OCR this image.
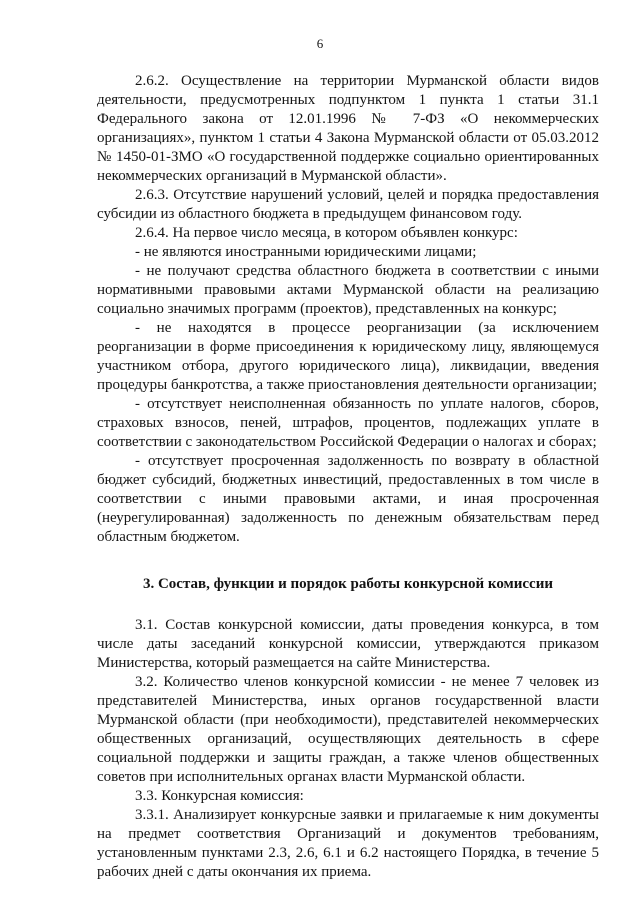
6

2.6.2. Осуществление на территории Мурманской области видов деятельности, предусмотренных подпунктом 1 пункта 1 статьи 31.1 Федерального закона от 12.01.1996 № 7-ФЗ «О некоммерческих организациях», пунктом 1 статьи 4 Закона Мурманской области от 05.03.2012 № 1450-01-ЗМО «О государственной поддержке социально ориентированных некоммерческих организаций в Мурманской области».

2.6.3. Отсутствие нарушений условий, целей и порядка предоставления субсидии из областного бюджета в предыдущем финансовом году.

2.6.4. На первое число месяца, в котором объявлен конкурс:

- не являются иностранными юридическими лицами;

- не получают средства областного бюджета в соответствии с иными нормативными правовыми актами Мурманской области на реализацию социально значимых программ (проектов), представленных на конкурс;

- не находятся в процессе реорганизации (за исключением реорганизации в форме присоединения к юридическому лицу, являющемуся участником отбора, другого юридического лица), ликвидации, введения процедуры банкротства, а также приостановления деятельности организации;

- отсутствует неисполненная обязанность по уплате налогов, сборов, страховых взносов, пеней, штрафов, процентов, подлежащих уплате в соответствии с законодательством Российской Федерации о налогах и сборах;

- отсутствует просроченная задолженность по возврату в областной бюджет субсидий, бюджетных инвестиций, предоставленных в том числе в соответствии с иными правовыми актами, и иная просроченная (неурегулированная) задолженность по денежным обязательствам перед областным бюджетом.

3. Состав, функции и порядок работы конкурсной комиссии

3.1. Состав конкурсной комиссии, даты проведения конкурса, в том числе даты заседаний конкурсной комиссии, утверждаются приказом Министерства, который размещается на сайте Министерства.

3.2. Количество членов конкурсной комиссии - не менее 7 человек из представителей Министерства, иных органов государственной власти Мурманской области (при необходимости), представителей некоммерческих общественных организаций, осуществляющих деятельность в сфере социальной поддержки и защиты граждан, а также членов общественных советов при исполнительных органах власти Мурманской области.

3.3. Конкурсная комиссия:

3.3.1. Анализирует конкурсные заявки и прилагаемые к ним документы на предмет соответствия Организаций и документов требованиям, установленным пунктами 2.3, 2.6, 6.1 и 6.2 настоящего Порядка, в течение 5 рабочих дней с даты окончания их приема.
